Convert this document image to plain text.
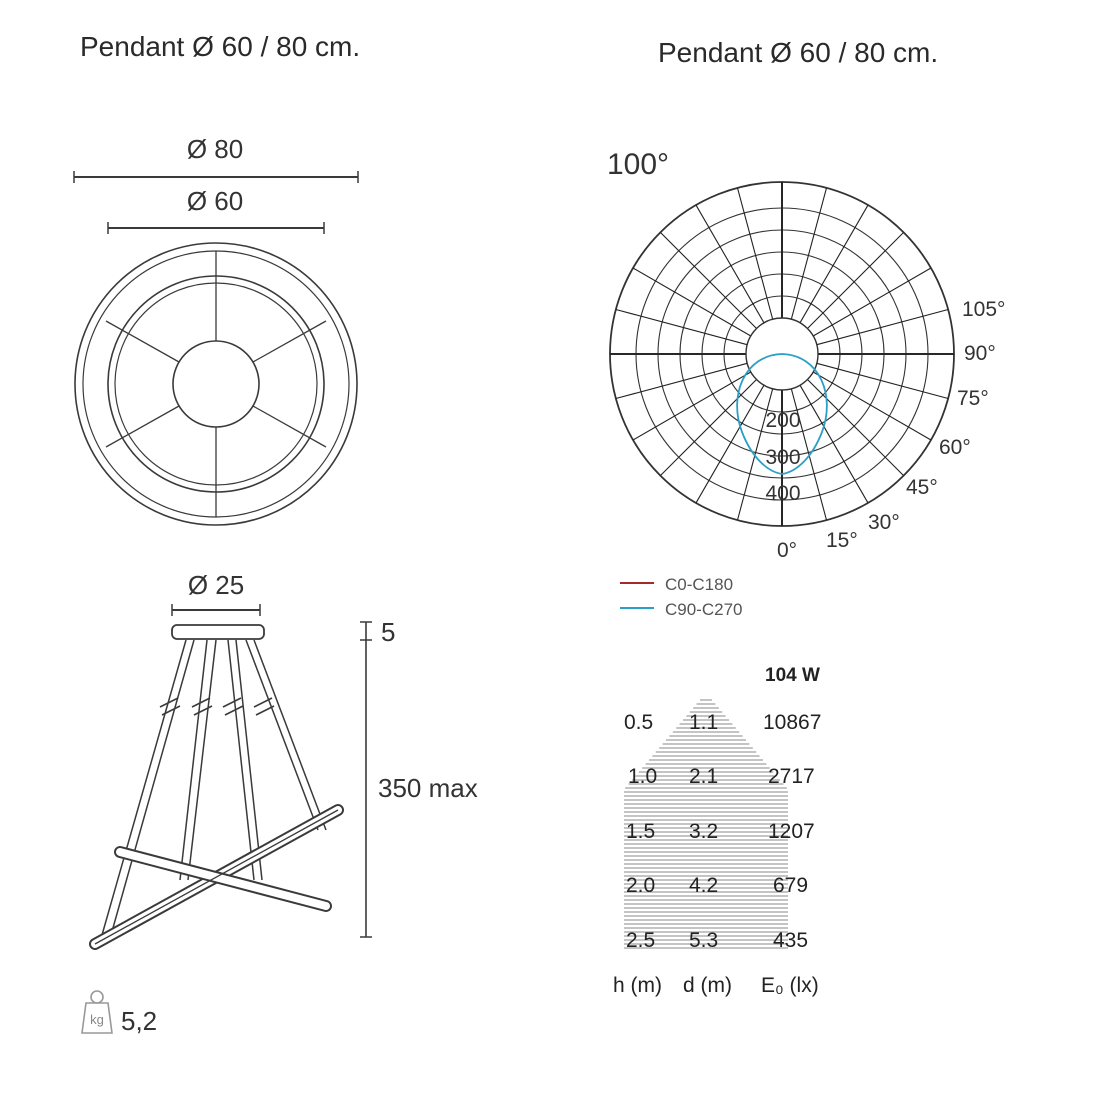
Pendant Ø 60 / 80 cm.	Pendant Ø 60 / 80 cm.
Ø 80
Ø 60
Ø 25
5
350 max
kg 5,2
100°
200
300
400
105°
90°
75°
60°
45°
30°
15°
0°
C0-C180
C90-C270
104 W
0.5 1.1 10867
1.0 2.1 2717
1.5 3.2 1207
2.0 4.2	679
2.5 5.3	435
h (m) d (m) E₀ (lx)
